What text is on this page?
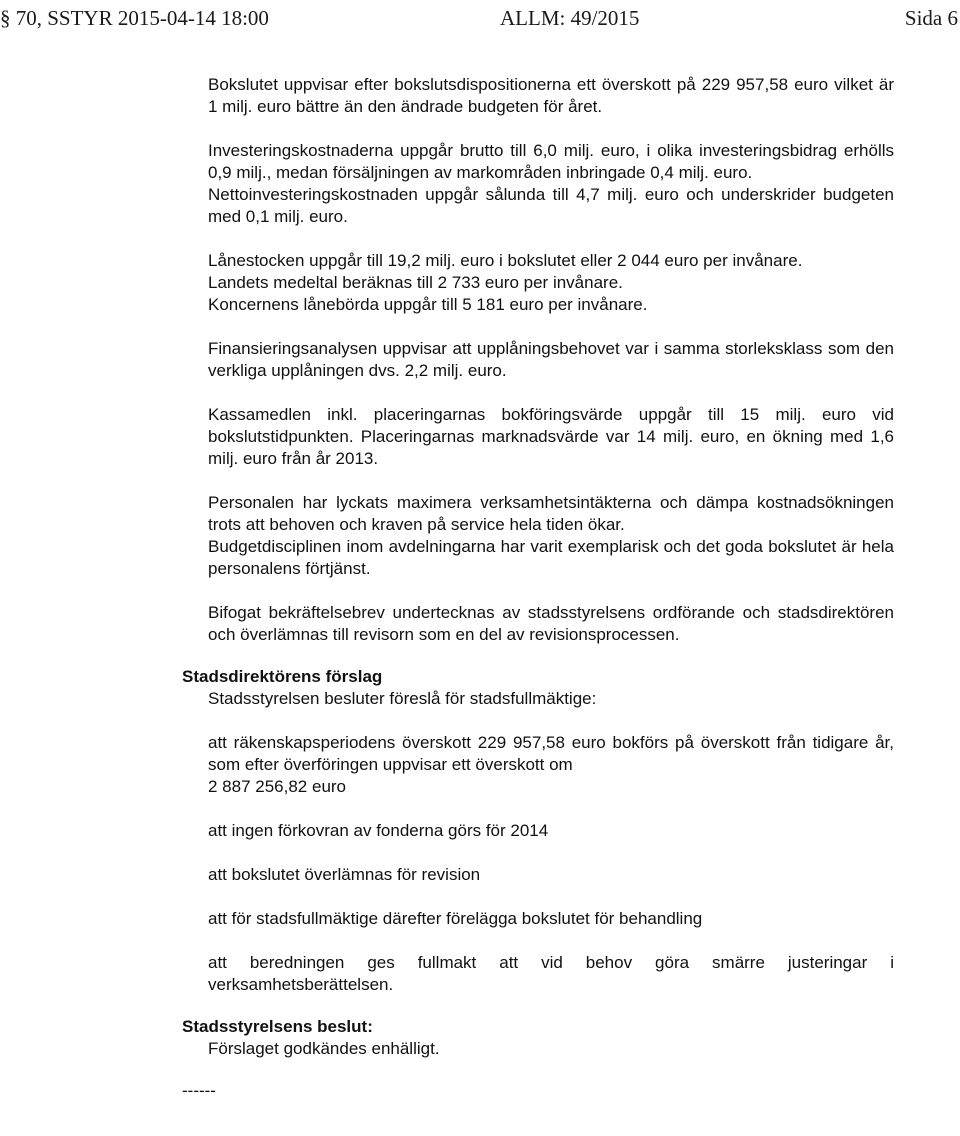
§ 70, SSTYR 2015-04-14 18:00	ALLM: 49/2015	Sida 6

Bokslutet uppvisar efter bokslutsdispositionerna ett överskott på 229 957,58 euro vilket är 1 milj. euro bättre än den ändrade budgeten för året.

Investeringskostnaderna uppgår brutto till 6,0 milj. euro, i olika investeringsbidrag erhölls 0,9 milj., medan försäljningen av markområden inbringade 0,4 milj. euro.

Nettoinvesteringskostnaden uppgår sålunda till 4,7 milj. euro och underskrider budgeten med 0,1 milj. euro.

Lånestocken uppgår till 19,2 milj. euro i bokslutet eller 2 044 euro per invånare.

Landets medeltal beräknas till 2 733 euro per invånare.

Koncernens lånebörda uppgår till 5 181 euro per invånare.

Finansieringsanalysen uppvisar att upplåningsbehovet var i samma storleksklass som den verkliga upplåningen dvs. 2,2 milj. euro.

Kassamedlen inkl. placeringarnas bokföringsvärde uppgår till 15 milj. euro vid bokslutstidpunkten. Placeringarnas marknadsvärde var 14 milj. euro, en ökning med 1,6 milj. euro från år 2013.

Personalen har lyckats maximera verksamhetsintäkterna och dämpa kostnadsökningen trots att behoven och kraven på service hela tiden ökar.

Budgetdisciplinen inom avdelningarna har varit exemplarisk och det goda bokslutet är hela personalens förtjänst.

Bifogat bekräftelsebrev undertecknas av stadsstyrelsens ordförande och stadsdirektören och överlämnas till revisorn som en del av revisionsprocessen.

Stadsdirektörens förslag

Stadsstyrelsen besluter föreslå för stadsfullmäktige:

att räkenskapsperiodens överskott 229 957,58 euro bokförs på överskott från tidigare år, som efter överföringen uppvisar ett överskott om

2 887 256,82 euro

att ingen förkovran av fonderna görs för 2014

att bokslutet överlämnas för revision

att för stadsfullmäktige därefter förelägga bokslutet för behandling

att beredningen ges fullmakt att vid behov göra smärre justeringar i verksamhetsberättelsen.

Stadsstyrelsens beslut:

Förslaget godkändes enhälligt.

------
